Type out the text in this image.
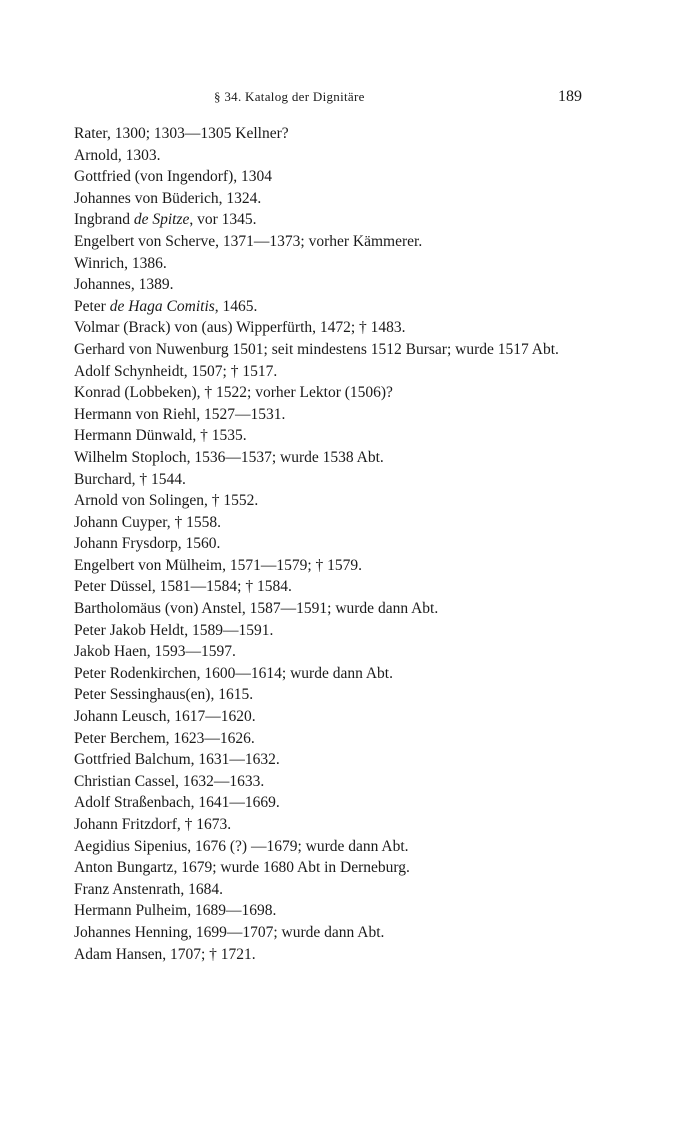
§ 34. Katalog der Dignitäre	189
Rater, 1300; 1303—1305 Kellner?
Arnold, 1303.
Gottfried (von Ingendorf), 1304
Johannes von Büderich, 1324.
Ingbrand de Spitze, vor 1345.
Engelbert von Scherve, 1371—1373; vorher Kämmerer.
Winrich, 1386.
Johannes, 1389.
Peter de Haga Comitis, 1465.
Volmar (Brack) von (aus) Wipperfürth, 1472; † 1483.
Gerhard von Nuwenburg 1501; seit mindestens 1512 Bursar; wurde 1517 Abt.
Adolf Schynheidt, 1507; † 1517.
Konrad (Lobbeken), † 1522; vorher Lektor (1506)?
Hermann von Riehl, 1527—1531.
Hermann Dünwald, † 1535.
Wilhelm Stoploch, 1536—1537; wurde 1538 Abt.
Burchard, † 1544.
Arnold von Solingen, † 1552.
Johann Cuyper, † 1558.
Johann Frysdorp, 1560.
Engelbert von Mülheim, 1571—1579; † 1579.
Peter Düssel, 1581—1584; † 1584.
Bartholomäus (von) Anstel, 1587—1591; wurde dann Abt.
Peter Jakob Heldt, 1589—1591.
Jakob Haen, 1593—1597.
Peter Rodenkirchen, 1600—1614; wurde dann Abt.
Peter Sessinghaus(en), 1615.
Johann Leusch, 1617—1620.
Peter Berchem, 1623—1626.
Gottfried Balchum, 1631—1632.
Christian Cassel, 1632—1633.
Adolf Straßenbach, 1641—1669.
Johann Fritzdorf, † 1673.
Aegidius Sipenius, 1676 (?) —1679; wurde dann Abt.
Anton Bungartz, 1679; wurde 1680 Abt in Derneburg.
Franz Anstenrath, 1684.
Hermann Pulheim, 1689—1698.
Johannes Henning, 1699—1707; wurde dann Abt.
Adam Hansen, 1707; † 1721.
